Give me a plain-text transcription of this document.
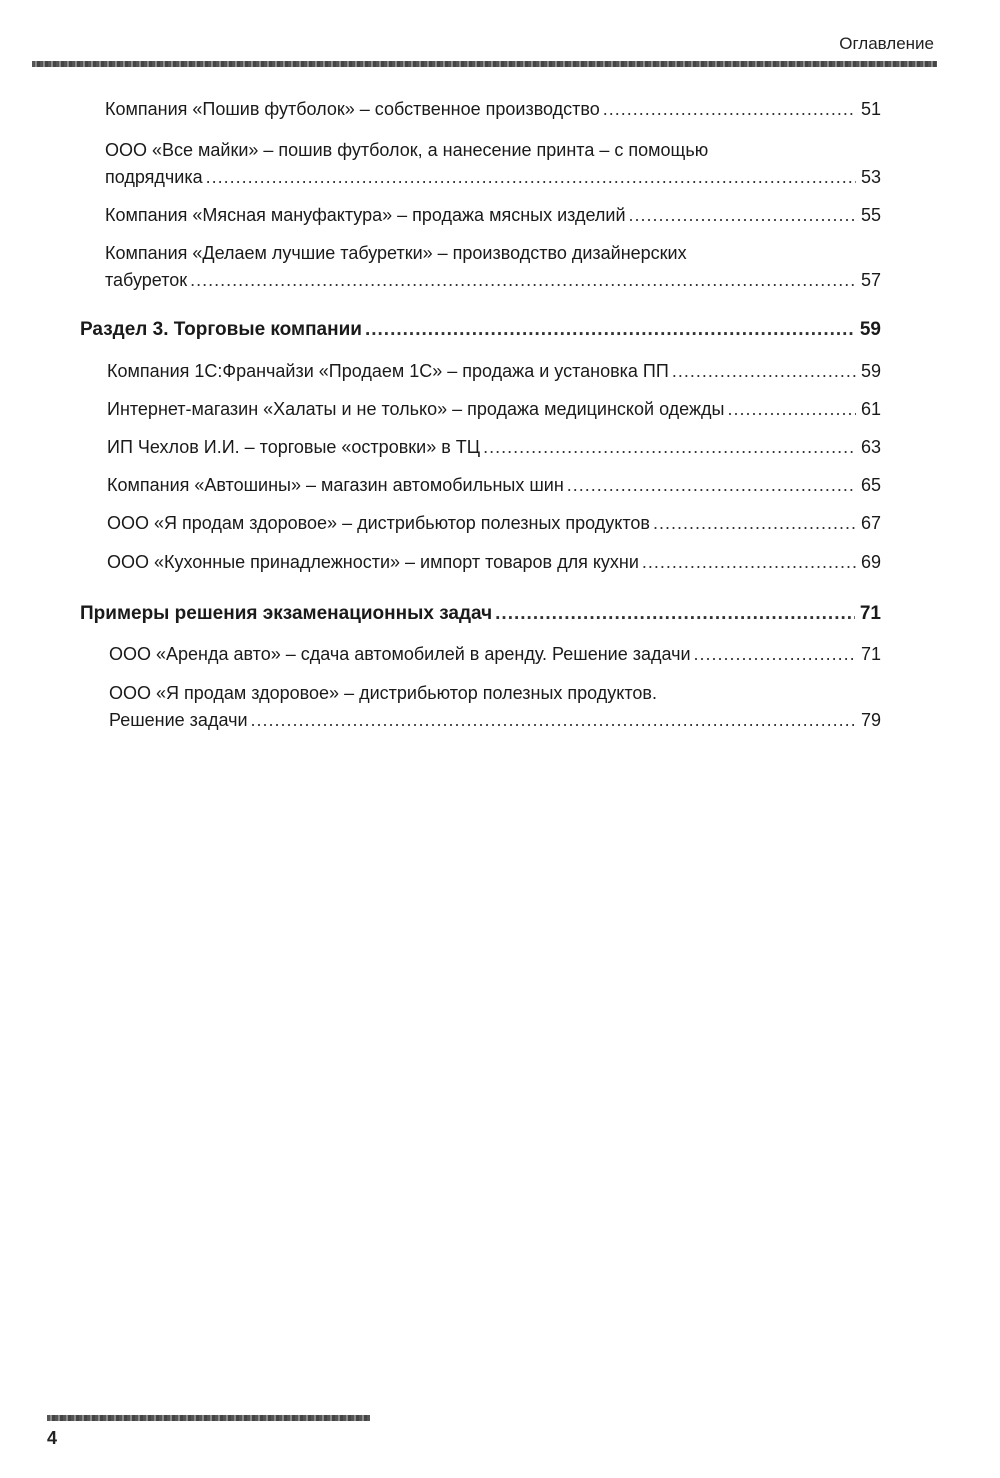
Оглавление
Компания «Пошив футболок» – собственное производство .....	51
ООО «Все майки» – пошив футболок, а нанесение принта – с помощью
подрядчика .....	53
Компания «Мясная мануфактура» – продажа мясных изделий .....	55
Компания «Делаем лучшие табуретки» – производство дизайнерских
табуреток .....	57
Раздел 3. Торговые компании .....	59
Компания 1С:Франчайзи «Продаем 1С» – продажа и установка ПП .....	59
Интернет-магазин «Халаты и не только» – продажа медицинской одежды .....	61
ИП Чехлов И.И. – торговые «островки» в ТЦ .....	63
Компания «Автошины» – магазин автомобильных шин .....	65
ООО «Я продам здоровое» – дистрибьютор полезных продуктов .....	67
ООО «Кухонные принадлежности» – импорт товаров для кухни .....	69
Примеры решения экзаменационных задач .....	71
ООО «Аренда авто» – сдача автомобилей в аренду. Решение задачи .....	71
ООО «Я продам здоровое» – дистрибьютор полезных продуктов.
Решение задачи .....	79
4
